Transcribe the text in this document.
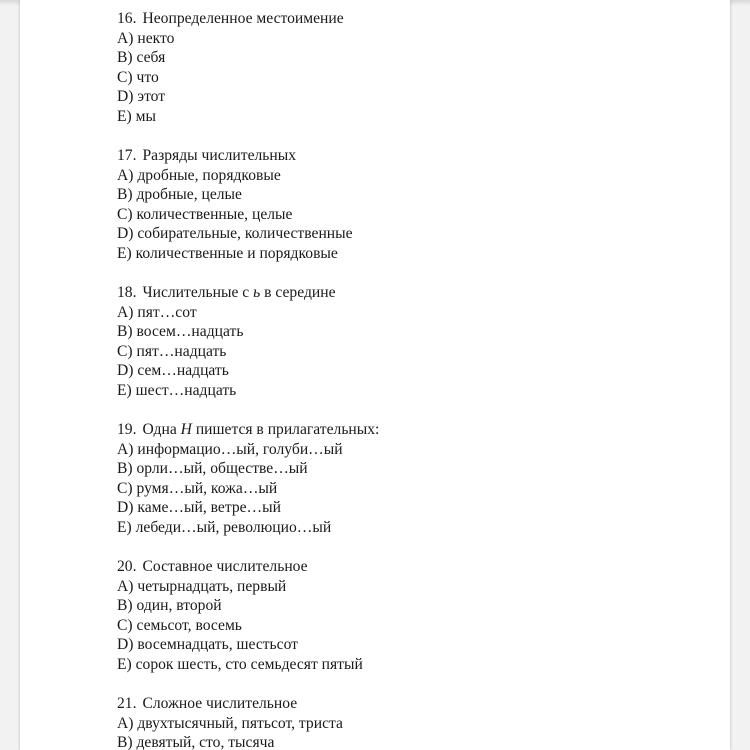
16. Неопределенное местоимение
A) некто
B) себя
C) что
D) этот
E) мы
17. Разряды числительных
A) дробные, порядковые
B) дробные, целые
C) количественные, целые
D) собирательные, количественные
E) количественные и порядковые
18. Числительные с ь в середине
A) пят…сот
B) восем…надцать
C) пят…надцать
D) сем…надцать
E) шест…надцать
19. Одна Н пишется в прилагательных:
A) информацио…ый, голуби…ый
B) орли…ый, обществе…ый
C) румя…ый, кожа…ый
D) каме…ый, ветре…ый
E) лебеди…ый, революцио…ый
20. Составное числительное
A) четырнадцать, первый
B) один, второй
C) семьсот, восемь
D) восемнадцать, шестьсот
E) сорок шесть, сто семьдесят пятый
21. Сложное числительное
A) двухтысячный, пятьсот, триста
B) девятый, сто, тысяча
